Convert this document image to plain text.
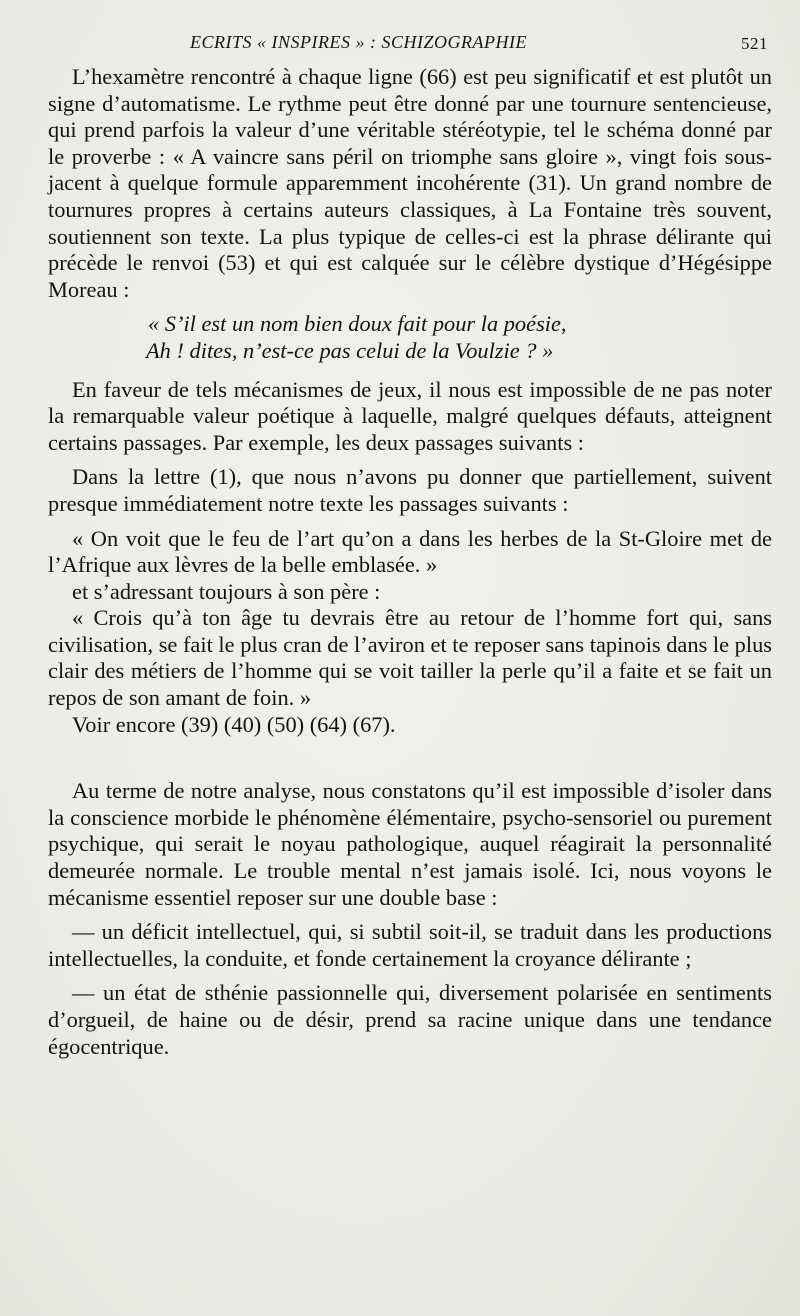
ECRITS « INSPIRES » : SCHIZOGRAPHIE	521

L’hexamètre rencontré à chaque ligne (66) est peu significatif et est plutôt un signe d’automatisme. Le rythme peut être donné par une tournure sentencieuse, qui prend parfois la valeur d’une véritable stéréotypie, tel le schéma donné par le proverbe : « A vaincre sans péril on triomphe sans gloire », vingt fois sous-jacent à quelque formule apparemment incohérente (31). Un grand nombre de tournures propres à certains auteurs classiques, à La Fontaine très souvent, soutiennent son texte. La plus typique de celles-ci est la phrase délirante qui précède le renvoi (53) et qui est calquée sur le célèbre dystique d’Hégésippe Moreau :

« S’il est un nom bien doux fait pour la poésie,

Ah ! dites, n’est-ce pas celui de la Voulzie ? »

En faveur de tels mécanismes de jeux, il nous est impossible de ne pas noter la remarquable valeur poétique à laquelle, malgré quelques défauts, atteignent certains passages. Par exemple, les deux passages suivants :

Dans la lettre (1), que nous n’avons pu donner que partiellement, suivent presque immédiatement notre texte les passages suivants :

« On voit que le feu de l’art qu’on a dans les herbes de la St-Gloire met de l’Afrique aux lèvres de la belle emblasée. »

et s’adressant toujours à son père :

« Crois qu’à ton âge tu devrais être au retour de l’homme fort qui, sans civilisation, se fait le plus cran de l’aviron et te reposer sans tapinois dans le plus clair des métiers de l’homme qui se voit tailler la perle qu’il a faite et se fait un repos de son amant de foin. »

Voir encore (39) (40) (50) (64) (67).

Au terme de notre analyse, nous constatons qu’il est impossible d’isoler dans la conscience morbide le phénomène élémentaire, psycho-sensoriel ou purement psychique, qui serait le noyau pathologique, auquel réagirait la personnalité demeurée normale. Le trouble mental n’est jamais isolé. Ici, nous voyons le mécanisme essentiel reposer sur une double base :

— un déficit intellectuel, qui, si subtil soit-il, se traduit dans les productions intellectuelles, la conduite, et fonde certainement la croyance délirante ;

— un état de sthénie passionnelle qui, diversement polarisée en sentiments d’orgueil, de haine ou de désir, prend sa racine unique dans une tendance égocentrique.
